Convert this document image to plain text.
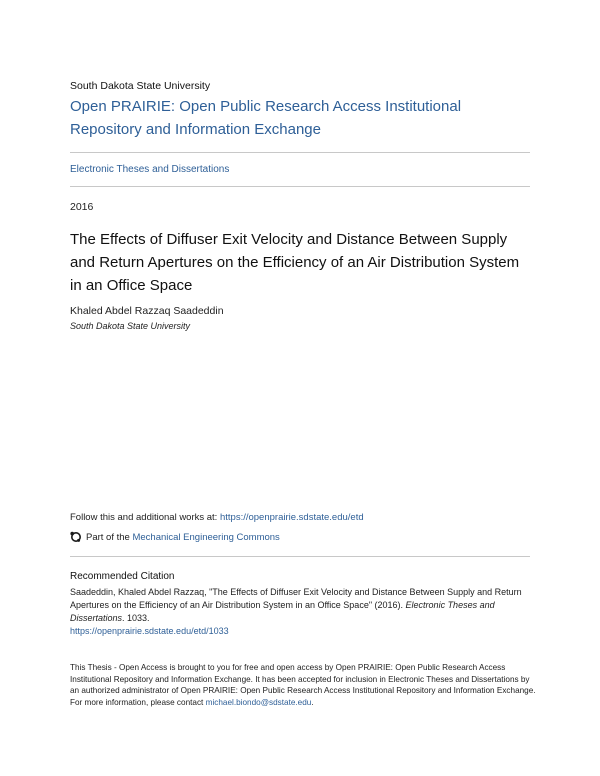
South Dakota State University
Open PRAIRIE: Open Public Research Access Institutional Repository and Information Exchange
Electronic Theses and Dissertations
2016
The Effects of Diffuser Exit Velocity and Distance Between Supply and Return Apertures on the Efficiency of an Air Distribution System in an Office Space
Khaled Abdel Razzaq Saadeddin
South Dakota State University
Follow this and additional works at: https://openprairie.sdstate.edu/etd
Part of the
Mechanical Engineering Commons
Recommended Citation
Saadeddin, Khaled Abdel Razzaq, "The Effects of Diffuser Exit Velocity and Distance Between Supply and Return Apertures on the Efficiency of an Air Distribution System in an Office Space" (2016). Electronic Theses and Dissertations. 1033.
https://openprairie.sdstate.edu/etd/1033
This Thesis - Open Access is brought to you for free and open access by Open PRAIRIE: Open Public Research Access Institutional Repository and Information Exchange. It has been accepted for inclusion in Electronic Theses and Dissertations by an authorized administrator of Open PRAIRIE: Open Public Research Access Institutional Repository and Information Exchange. For more information, please contact michael.biondo@sdstate.edu.
